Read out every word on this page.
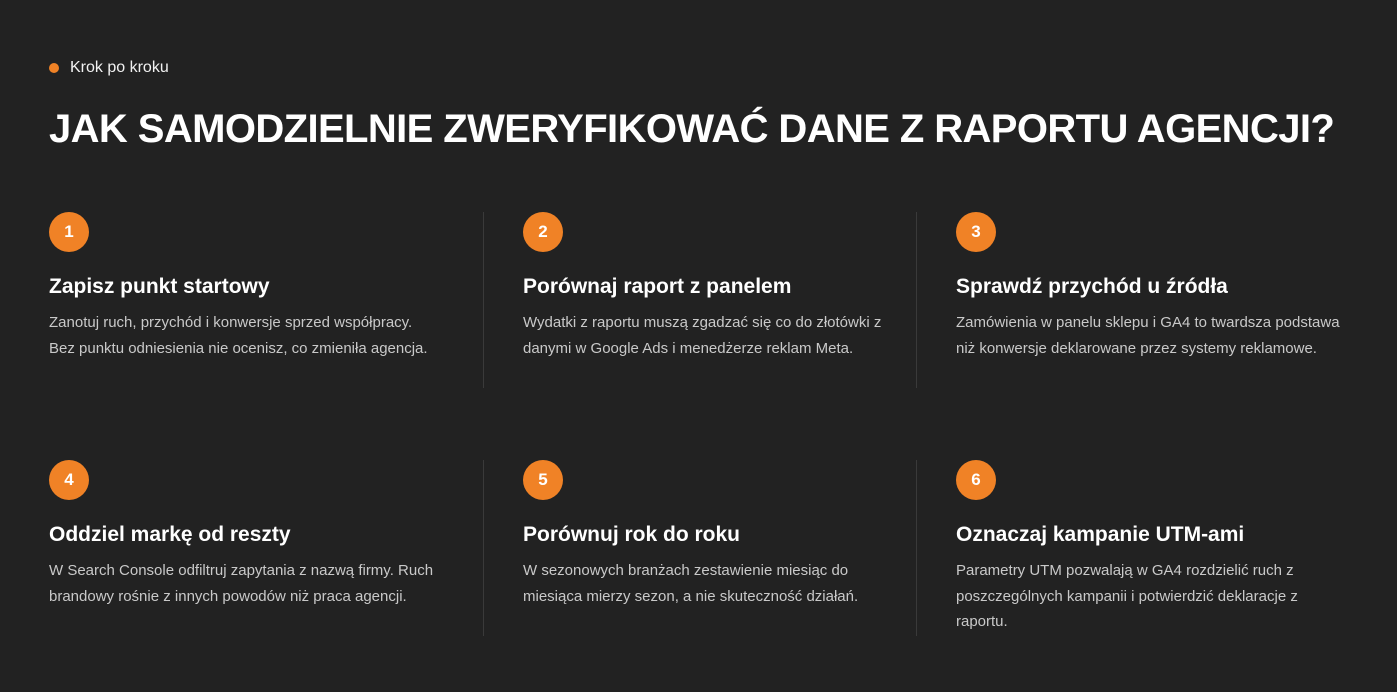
Krok po kroku
JAK SAMODZIELNIE ZWERYFIKOWAĆ DANE Z RAPORTU AGENCJI?
1
Zapisz punkt startowy
Zanotuj ruch, przychód i konwersje sprzed współpracy. Bez punktu odniesienia nie ocenisz, co zmieniła agencja.
2
Porównaj raport z panelem
Wydatki z raportu muszą zgadzać się co do złotówki z danymi w Google Ads i menedżerze reklam Meta.
3
Sprawdź przychód u źródła
Zamówienia w panelu sklepu i GA4 to twardsza podstawa niż konwersje deklarowane przez systemy reklamowe.
4
Oddziel markę od reszty
W Search Console odfiltruj zapytania z nazwą firmy. Ruch brandowy rośnie z innych powodów niż praca agencji.
5
Porównuj rok do roku
W sezonowych branżach zestawienie miesiąc do miesiąca mierzy sezon, a nie skuteczność działań.
6
Oznaczaj kampanie UTM-ami
Parametry UTM pozwalają w GA4 rozdzielić ruch z poszczególnych kampanii i potwierdzić deklaracje z raportu.
